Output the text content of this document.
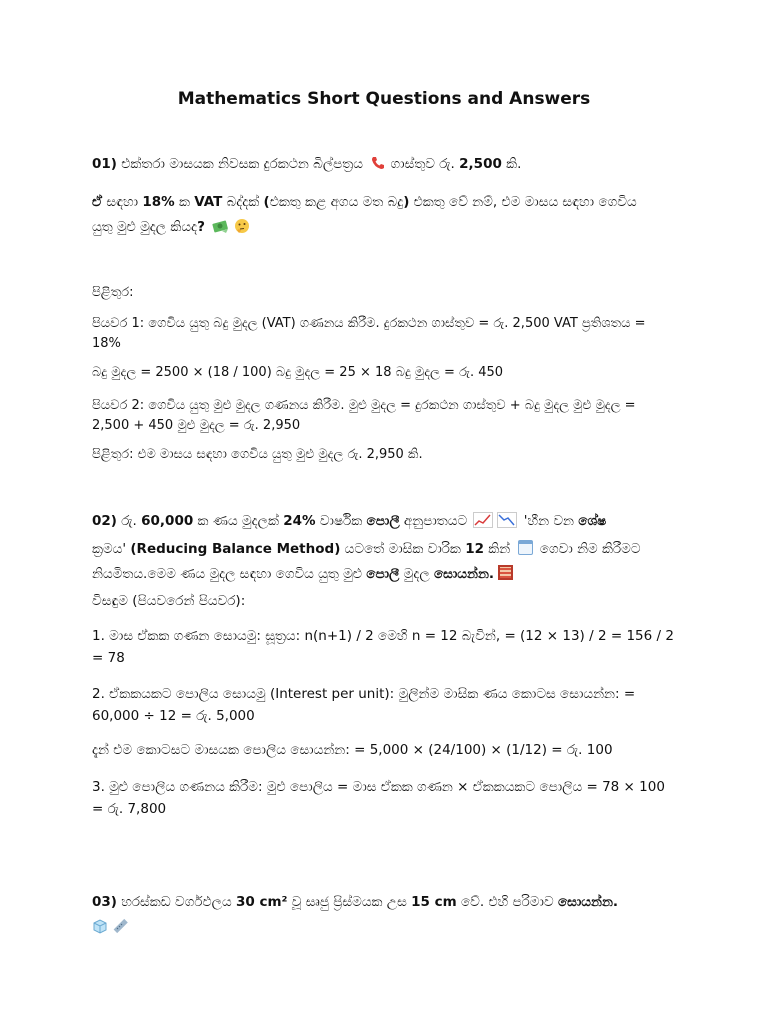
Mathematics Short Questions and Answers
01) එක්තරා මාසයක නිවසක දුරකථන බිල්පත්‍රය  ගාස්තුව රු. 2,500 කි.
ඒ සඳහා 18% ක VAT බද්දක් (එකතු කළ අගය මත බදු) එකතු වේ නම්, එම මාසය සඳහා ගෙවිය
යුතු මුළු මුදල කියද?

පිළිතුර:

පියවර 1: ගෙවිය යුතු බදු මුදල (VAT) ගණනය කිරීම. දුරකථන ගාස්තුව = රු. 2,500 VAT ප්‍රතිශතය = 18%

බදු මුදල = 2500 × (18 / 100) බදු මුදල = 25 × 18 බදු මුදල = රු. 450

පියවර 2: ගෙවිය යුතු මුළු මුදල ගණනය කිරීම. මුළු මුදල = දුරකථන ගාස්තුව + බදු මුදල මුළු මුදල = 2,500 + 450 මුළු මුදල = රු. 2,950

පිළිතුර: එම මාසය සඳහා ගෙවිය යුතු මුළු මුදල රු. 2,950 කි.

02) රු. 60,000 ක ණය මුදලක් 24% වාර්ෂික පොලී අනුපාතයට	'හීන වන ශේෂ
ක්‍රමය' (Reducing Balance Method) යටතේ මාසික වාරික 12 කින්  ගෙවා නිම කිරීමට
නියමිතය.මෙම ණය මුදල සඳහා ගෙවිය යුතු මුළු පොලී මුදල සොයන්න.

විසඳුම (පියවරෙන් පියවර):

1. මාස ඒකක ගණන සොයමු: සූත්‍රය: n(n+1) / 2 මෙහි n = 12 බැවින්, = (12 × 13) / 2 = 156 / 2 = 78

2. ඒකකයකට පොලිය සොයමු (Interest per unit): මුලින්ම මාසික ණය කොටස සොයන්න: = 60,000 ÷ 12 = රු. 5,000

දැන් එම කොටසට මාසයක පොලිය සොයන්න: = 5,000 × (24/100) × (1/12) = රු. 100

3. මුළු පොලිය ගණනය කිරීම: මුළු පොලිය = මාස ඒකක ගණන × ඒකකයකට පොලිය = 78 × 100 = රු. 7,800

03) හරස්කඩ වර්ගඵලය 30 cm² වූ සෘජු ප්‍රිස්මයක උස 15 cm වේ. එහි පරිමාව සොයන්න.
